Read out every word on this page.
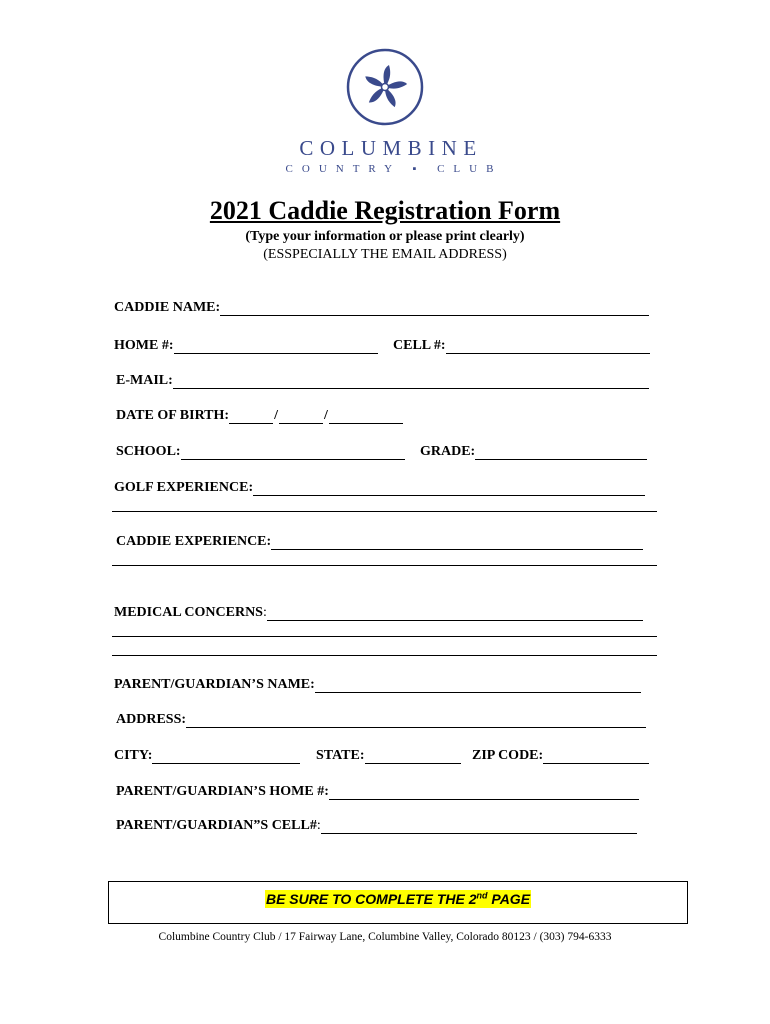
COLUMBINE
COUNTRY ▪ CLUB
2021 Caddie Registration Form
(Type your information or please print clearly)
(ESSPECIALLY THE EMAIL ADDRESS)
CADDIE NAME:
HOME #:	CELL #:
E-MAIL:
DATE OF BIRTH:	/	/
SCHOOL:	GRADE:
GOLF EXPERIENCE:
CADDIE EXPERIENCE:
MEDICAL CONCERNS :
PARENT/GUARDIAN’S NAME:
ADDRESS:
CITY:	STATE:	ZIP CODE:
PARENT/GUARDIAN’S HOME #:
PARENT/GUARDIAN”S CELL# :
BE SURE TO COMPLETE THE 2nd PAGE
Columbine Country Club / 17 Fairway Lane, Columbine Valley, Colorado 80123 / (303) 794-6333
